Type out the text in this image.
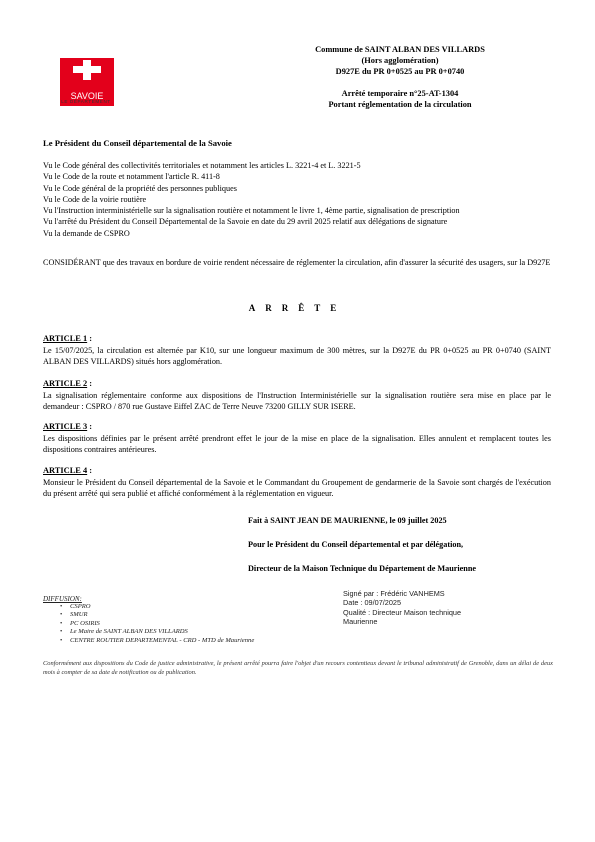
SAVOIE
LE DÉPARTEMENT
Commune de SAINT ALBAN DES VILLARDS
(Hors agglomération)
D927E du PR 0+0525 au PR 0+0740
Arrêté temporaire n°25-AT-1304
Portant réglementation de la circulation
Le Président du Conseil départemental de la Savoie
Vu le Code général des collectivités territoriales et notamment les articles L. 3221-4 et L. 3221-5
Vu le Code de la route et notamment l'article R. 411-8
Vu le Code général de la propriété des personnes publiques
Vu le Code de la voirie routière
Vu l'Instruction interministérielle sur la signalisation routière et notamment le livre 1, 4ème partie, signalisation de prescription
Vu l'arrêté du Président du Conseil Départemental de la Savoie en date du 29 avril 2025 relatif aux délégations de signature
Vu la demande de CSPRO
CONSIDÉRANT que des travaux en bordure de voirie rendent nécessaire de réglementer la circulation, afin d'assurer la sécurité des usagers, sur la D927E
ARRÊTE
ARTICLE 1 :
Le 15/07/2025, la circulation est alternée par K10, sur une longueur maximum de 300 mètres, sur la D927E du PR 0+0525 au PR 0+0740 (SAINT ALBAN DES VILLARDS) situés hors agglomération.
ARTICLE 2 :
La signalisation réglementaire conforme aux dispositions de l'Instruction Interministérielle sur la signalisation routière sera mise en place par le demandeur : CSPRO / 870 rue Gustave Eiffel ZAC de Terre Neuve 73200 GILLY SUR ISERE.
ARTICLE 3 :
Les dispositions définies par le présent arrêté prendront effet le jour de la mise en place de la signalisation. Elles annulent et remplacent toutes les dispositions contraires antérieures.
ARTICLE 4 :
Monsieur le Président du Conseil départemental de la Savoie et le Commandant du Groupement de gendarmerie de la Savoie sont chargés de l'exécution du présent arrêté qui sera publié et affiché conformément à la réglementation en vigueur.
Fait à SAINT JEAN DE MAURIENNE, le 09 juillet 2025
Pour le Président du Conseil départemental et par délégation,
Directeur de la Maison Technique du Département de Maurienne
Signé par : Frédéric VANHEMS
Date : 09/07/2025
Qualité : Directeur Maison technique
Maurienne
DIFFUSION:
• CSPRO
• SMUR
• PC OSIRIS
• Le Maire de SAINT ALBAN DES VILLARDS
• CENTRE ROUTIER DEPARTEMENTAL - CRD - MTD de Maurienne
Conformément aux dispositions du Code de justice administrative, le présent arrêté pourra faire l'objet d'un recours contentieux devant le tribunal administratif de Grenoble, dans un délai de deux mois à compter de sa date de notification ou de publication.
